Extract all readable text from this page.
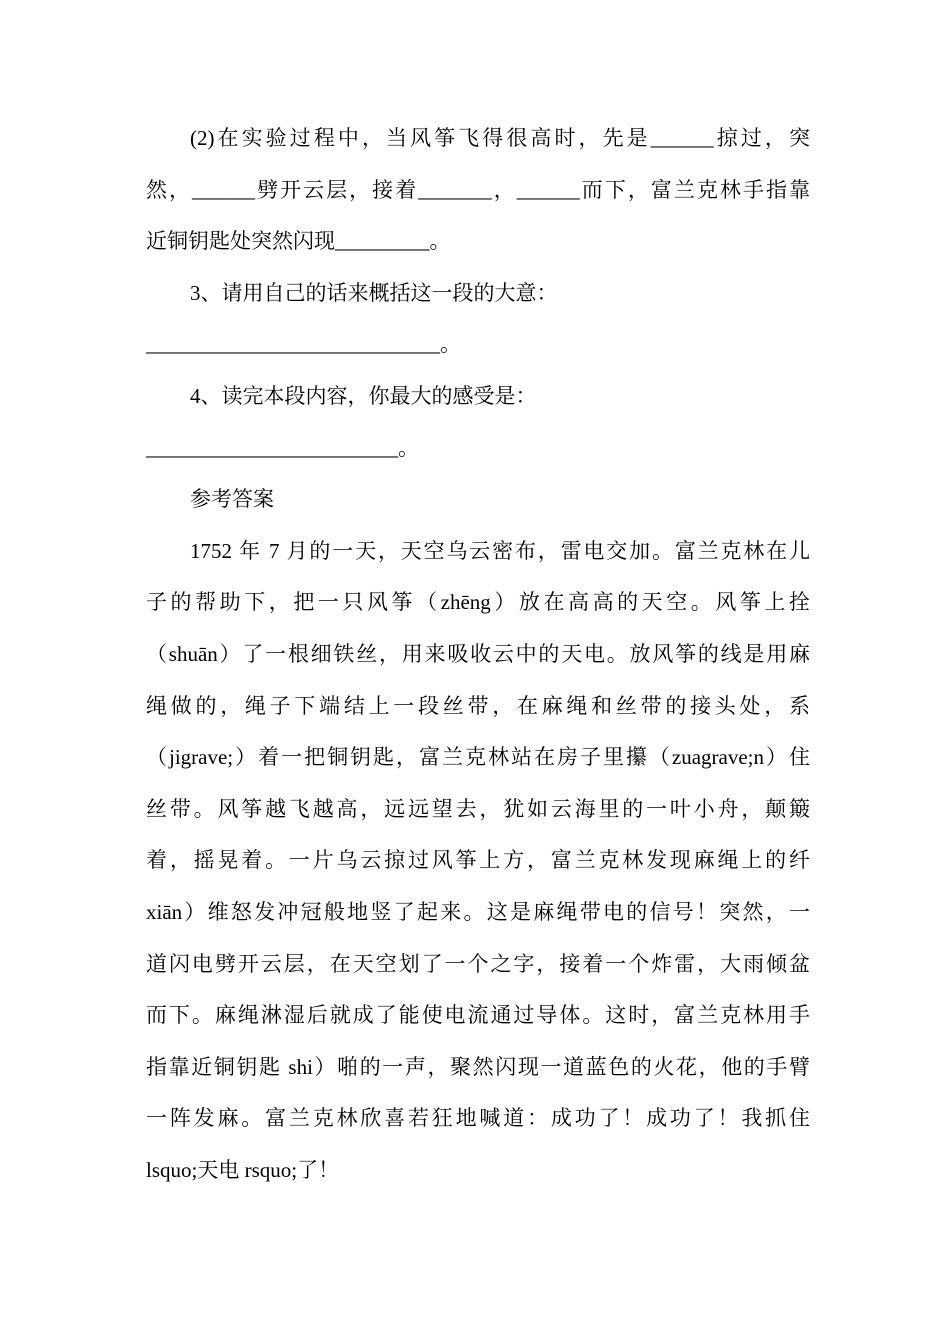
(2)在实验过程中，当风筝飞得很高时，先是______掠过，突
然，______劈开云层，接着_______，______而下，富兰克林手指靠
近铜钥匙处突然闪现_________。
3、请用自己的话来概括这一段的大意：
____________________________。
4、读完本段内容，你最大的感受是：
________________________。
参考答案
1752 年 7 月的一天，天空乌云密布，雷电交加。富兰克林在儿
子的帮助下，把一只风筝（zhēng）放在高高的天空。风筝上拴
（shuān）了一根细铁丝，用来吸收云中的天电。放风筝的线是用麻
绳做的，绳子下端结上一段丝带，在麻绳和丝带的接头处，系
（jigrave;）着一把铜钥匙，富兰克林站在房子里攥（zuagrave;n）住
丝带。风筝越飞越高，远远望去，犹如云海里的一叶小舟，颠簸
着，摇晃着。一片乌云掠过风筝上方，富兰克林发现麻绳上的纤
xiān）维怒发冲冠般地竖了起来。这是麻绳带电的信号！突然，一
道闪电劈开云层，在天空划了一个之字，接着一个炸雷，大雨倾盆
而下。麻绳淋湿后就成了能使电流通过导体。这时，富兰克林用手
指靠近铜钥匙 shi）啪的一声，聚然闪现一道蓝色的火花，他的手臂
一阵发麻。富兰克林欣喜若狂地喊道：成功了！成功了！我抓住
lsquo;天电 rsquo;了！
